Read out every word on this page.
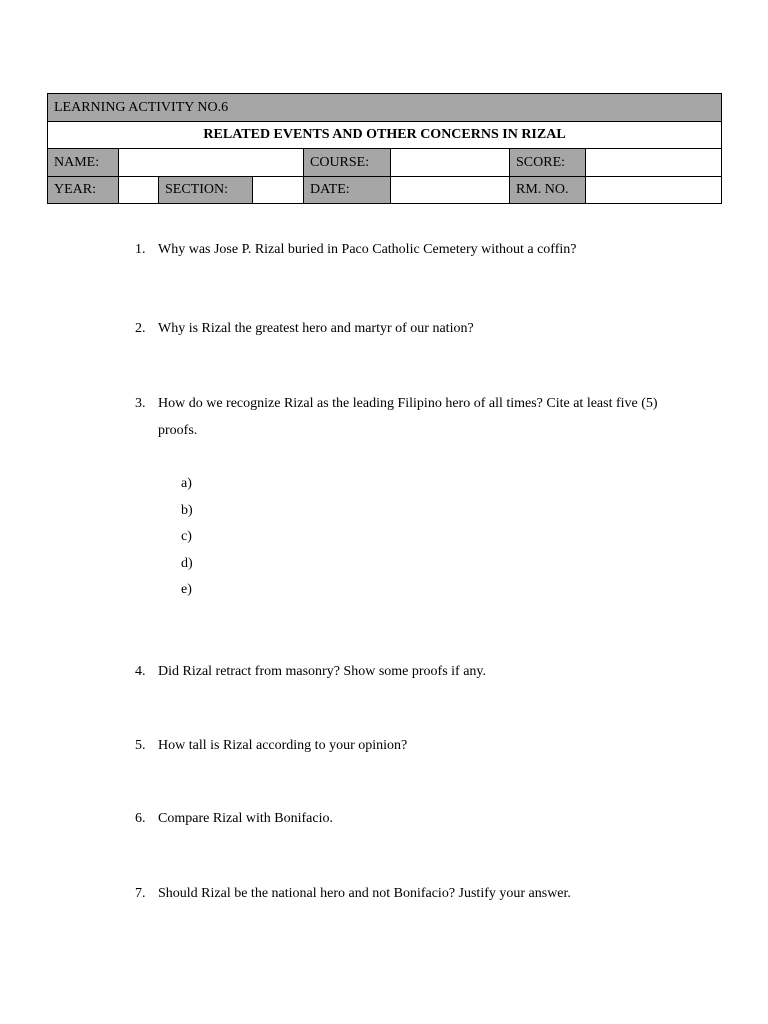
LEARNING ACTIVITY NO.6							
RELATED EVENTS AND OTHER CONCERNS IN RIZAL							
NAME:				COURSE:		SCORE:	
YEAR:		SECTION:		DATE:		RM. NO.	
1. Why was Jose P. Rizal buried in Paco Catholic Cemetery without a coffin?
2. Why is Rizal the greatest hero and martyr of our nation?
3. How do we recognize Rizal as the leading Filipino hero of all times? Cite at least five (5) proofs.
a)
b)
c)
d)
e)
4. Did Rizal retract from masonry? Show some proofs if any.
5. How tall is Rizal according to your opinion?
6. Compare Rizal with Bonifacio.
7. Should Rizal be the national hero and not Bonifacio? Justify your answer.
